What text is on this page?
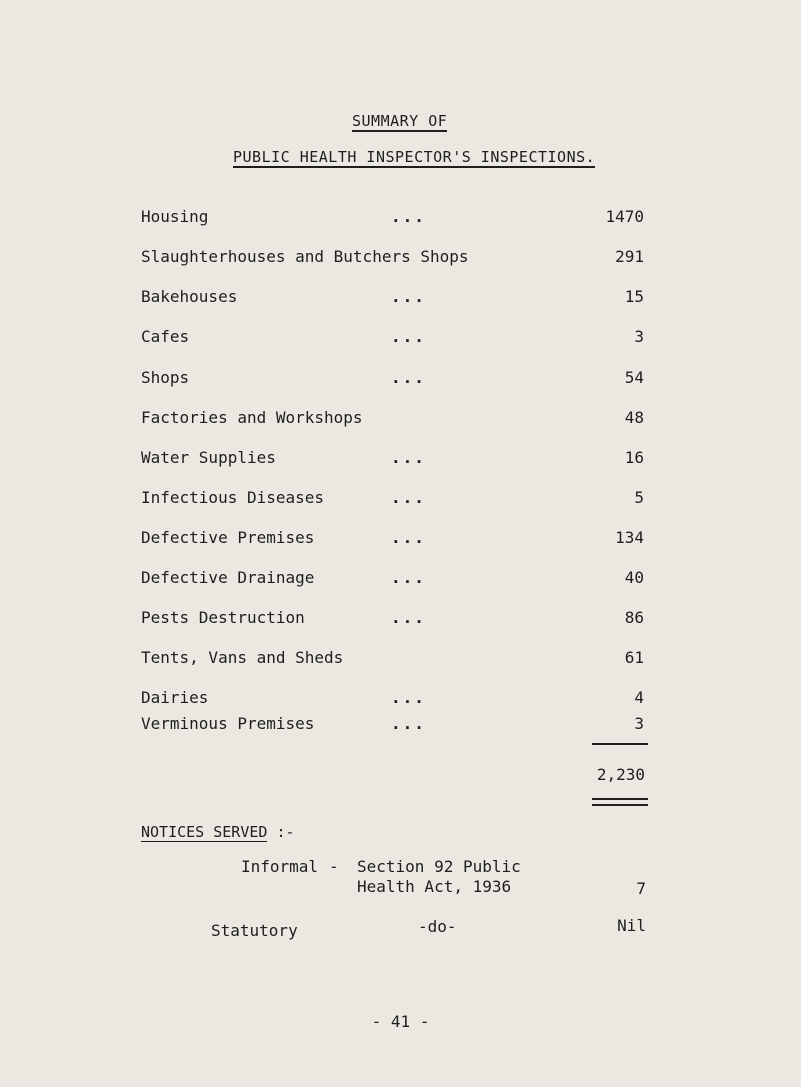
SUMMARY OF
PUBLIC HEALTH INSPECTOR'S INSPECTIONS.
Housing	...	1470
Slaughterhouses and Butchers Shops	291
Bakehouses	...	15
Cafes	...	3
Shops	...	54
Factories and Workshops	48
Water Supplies	...	16
Infectious Diseases	...	5
Defective Premises	...	134
Defective Drainage	...	40
Pests Destruction	...	86
Tents, Vans and Sheds	61
Dairies	...	4
Verminous Premises	...	3
2,230
NOTICES SERVED :-
Informal - Section 92 Public
Health Act, 1936	7
Statutory	-do-	Nil
- 41 -
